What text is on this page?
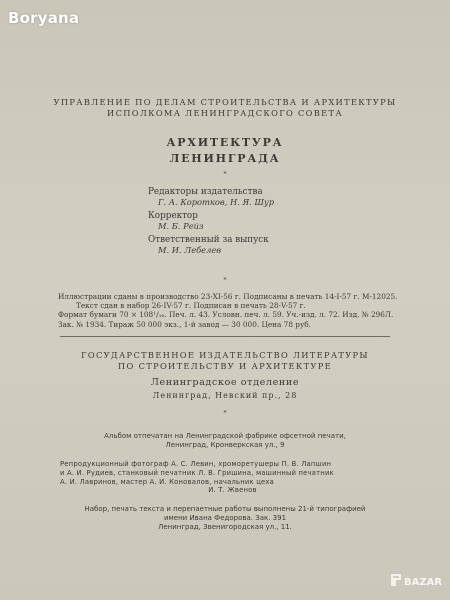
Boryana
УПРАВЛЕНИЕ ПО ДЕЛАМ СТРОИТЕЛЬСТВА И АРХИТЕКТУРЫ
ИСПОЛКОМА ЛЕНИНГРАДСКОГО СОВЕТА
АРХИТЕКТУРА
ЛЕНИНГРАДА
*
Редакторы издательства
Г. А. Коротков, Н. Я. Шур
Корректор
М. Б. Рейз
Ответственный за выпуск
М. И. Лебелев
*
Иллюстрации сданы в производство 23-XI-56 г. Подписаны в печать 14-I-57 г. М-12025.
Текст сдан в набор 26-IV-57 г. Подписан в печать 28-V-57 г.
Формат бумаги 70 × 108¹/₁₆. Печ. л. 43. Условн. печ. л. 59. Уч.-изд. л. 72. Изд. № 296Л.
Зак. № 1934. Тираж 50 000 экз., 1-й завод — 30 000. Цена 78 руб.
ГОСУДАРСТВЕННОЕ ИЗДАТЕЛЬСТВО ЛИТЕРАТУРЫ
ПО СТРОИТЕЛЬСТВУ И АРХИТЕКТУРЕ
Ленинградское отделение
Ленинград, Невский пр., 28
*
Альбом отпечатан на Ленинградской фабрике офсетной печати,
Ленинград, Кронверкская ул., 9
Репродукционный фотограф А. С. Левин, хроморетушеры П. В. Лапшин
и А. И. Рудиев, станковый печатник Л. В. Гришина, машинный печатник
А. И. Лавринов, мастер А. И. Коновалов, начальник цеха
И. Т. Жвенов
Набор, печать текста и перепаетные работы выполнены 21-й типографией
имени Ивана Федорова. Зак. 391
Ленинград, Звенигородская ул., 11.
BAZAR
